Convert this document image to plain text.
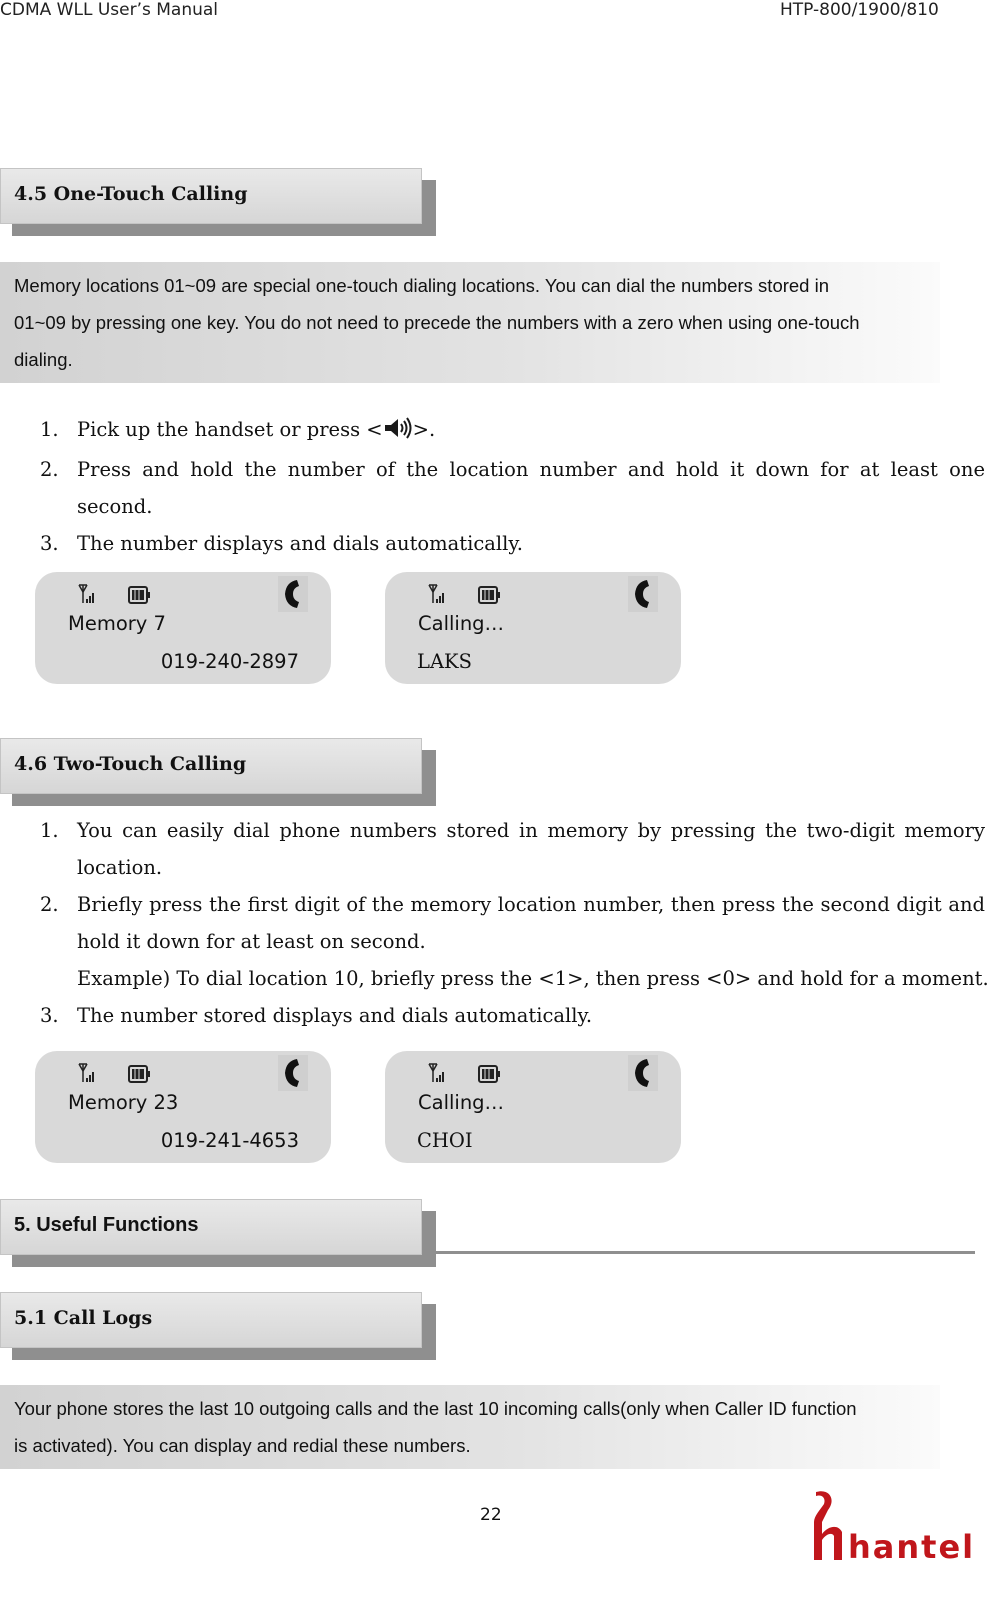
CDMA WLL User’s Manual	HTP-800/1900/810
4.5 One-Touch Calling
Memory locations 01~09 are special one-touch dialing locations. You can dial the numbers stored in
01~09 by pressing one key. You do not need to precede the numbers with a zero when using one-touch
dialing.
1. Pick up the handset or press < >.
2. Press and hold the number of the location number and hold it down for at least one second.
3. The number displays and dials automatically.
Memory 7
019-240-2897
Calling…
LAKS
4.6 Two-Touch Calling
1. You can easily dial phone numbers stored in memory by pressing the two-digit memory location.
2. Briefly press the first digit of the memory location number, then press the second digit and hold it down for at least on second.
Example) To dial location 10, briefly press the <1>, then press <0> and hold for a moment.
3. The number stored displays and dials automatically.
Memory 23
019-241-4653
Calling…
CHOI
5. Useful Functions
5.1 Call Logs
Your phone stores the last 10 outgoing calls and the last 10 incoming calls(only when Caller ID function
is activated). You can display and redial these numbers.
22
hantel
